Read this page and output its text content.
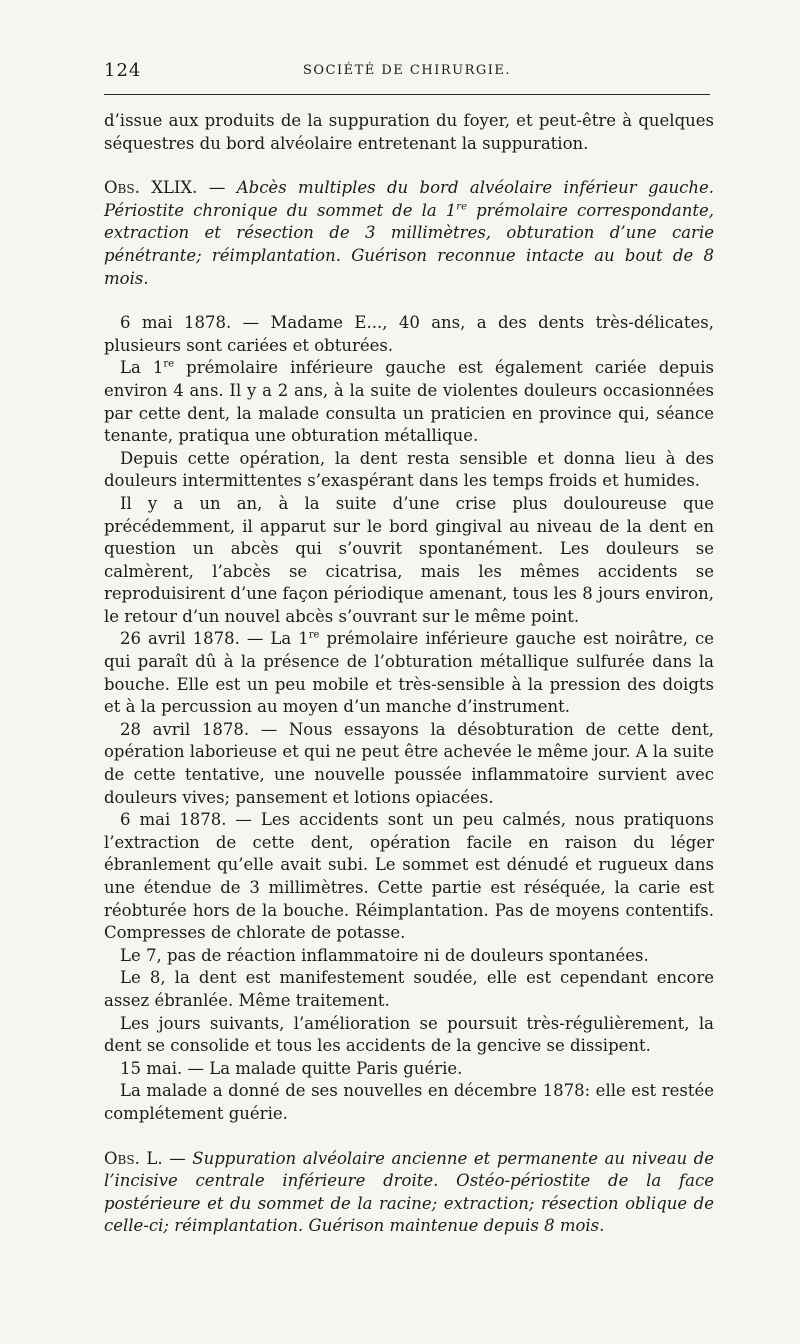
124	SOCIÉTÉ DE CHIRURGIE.

d’issue aux produits de la suppuration du foyer, et peut-être à quelques séquestres du bord alvéolaire entretenant la suppuration.

Obs. XLIX. — Abcès multiples du bord alvéolaire inférieur gauche. Périostite chronique du sommet de la 1re prémolaire correspondante, extraction et résection de 3 millimètres, obturation d’une carie pénétrante; réimplantation. Guérison reconnue intacte au bout de 8 mois.

6 mai 1878. — Madame E..., 40 ans, a des dents très-délicates, plusieurs sont cariées et obturées.

La 1re prémolaire inférieure gauche est également cariée depuis environ 4 ans. Il y a 2 ans, à la suite de violentes douleurs occasionnées par cette dent, la malade consulta un praticien en province qui, séance tenante, pratiqua une obturation métallique.

Depuis cette opération, la dent resta sensible et donna lieu à des douleurs intermittentes s’exaspérant dans les temps froids et humides.

Il y a un an, à la suite d’une crise plus douloureuse que précédemment, il apparut sur le bord gingival au niveau de la dent en question un abcès qui s’ouvrit spontanément. Les douleurs se calmèrent, l’abcès se cicatrisa, mais les mêmes accidents se reproduisirent d’une façon périodique amenant, tous les 8 jours environ, le retour d’un nouvel abcès s’ouvrant sur le même point.

26 avril 1878. — La 1re prémolaire inférieure gauche est noirâtre, ce qui paraît dû à la présence de l’obturation métallique sulfurée dans la bouche. Elle est un peu mobile et très-sensible à la pression des doigts et à la percussion au moyen d’un manche d’instrument.

28 avril 1878. — Nous essayons la désobturation de cette dent, opération laborieuse et qui ne peut être achevée le même jour. A la suite de cette tentative, une nouvelle poussée inflammatoire survient avec douleurs vives; pansement et lotions opiacées.

6 mai 1878. — Les accidents sont un peu calmés, nous pratiquons l’extraction de cette dent, opération facile en raison du léger ébranlement qu’elle avait subi. Le sommet est dénudé et rugueux dans une étendue de 3 millimètres. Cette partie est réséquée, la carie est réobturée hors de la bouche. Réimplantation. Pas de moyens contentifs. Compresses de chlorate de potasse.

Le 7, pas de réaction inflammatoire ni de douleurs spontanées.

Le 8, la dent est manifestement soudée, elle est cependant encore assez ébranlée. Même traitement.

Les jours suivants, l’amélioration se poursuit très-régulièrement, la dent se consolide et tous les accidents de la gencive se dissipent.

15 mai. — La malade quitte Paris guérie.

La malade a donné de ses nouvelles en décembre 1878: elle est restée complétement guérie.

Obs. L. — Suppuration alvéolaire ancienne et permanente au niveau de l’incisive centrale inférieure droite. Ostéo-périostite de la face postérieure et du sommet de la racine; extraction; résection oblique de celle-ci; réimplantation. Guérison maintenue depuis 8 mois.
